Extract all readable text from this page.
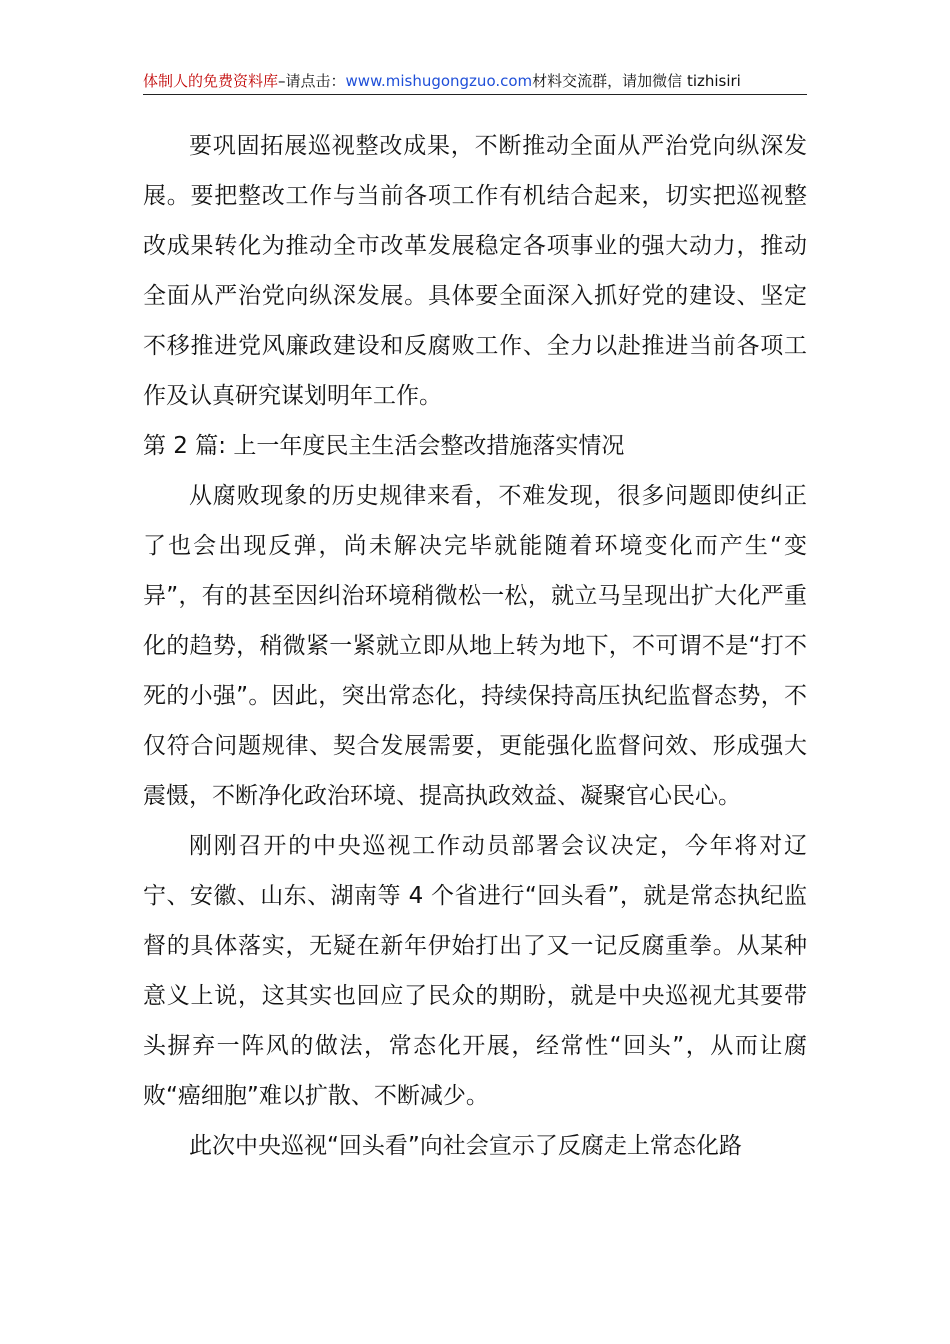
体制人的免费资料库–请点击：www.mishugongzuo.com材料交流群，请加微信 tizhisiri

要巩固拓展巡视整改成果，不断推动全面从严治党向纵深发展。要把整改工作与当前各项工作有机结合起来，切实把巡视整改成果转化为推动全市改革发展稳定各项事业的强大动力，推动全面从严治党向纵深发展。具体要全面深入抓好党的建设、坚定不移推进党风廉政建设和反腐败工作、全力以赴推进当前各项工作及认真研究谋划明年工作。

第 2 篇: 上一年度民主生活会整改措施落实情况

从腐败现象的历史规律来看，不难发现，很多问题即使纠正了也会出现反弹，尚未解决完毕就能随着环境变化而产生“变异”，有的甚至因纠治环境稍微松一松，就立马呈现出扩大化严重化的趋势，稍微紧一紧就立即从地上转为地下，不可谓不是“打不死的小强”。因此，突出常态化，持续保持高压执纪监督态势，不仅符合问题规律、契合发展需要，更能强化监督问效、形成强大震慑，不断净化政治环境、提高执政效益、凝聚官心民心。

刚刚召开的中央巡视工作动员部署会议决定，今年将对辽宁、安徽、山东、湖南等 4 个省进行“回头看”，就是常态执纪监督的具体落实，无疑在新年伊始打出了又一记反腐重拳。从某种意义上说，这其实也回应了民众的期盼，就是中央巡视尤其要带头摒弃一阵风的做法，常态化开展，经常性“回头”，从而让腐败“癌细胞”难以扩散、不断减少。

此次中央巡视“回头看”向社会宣示了反腐走上常态化路
